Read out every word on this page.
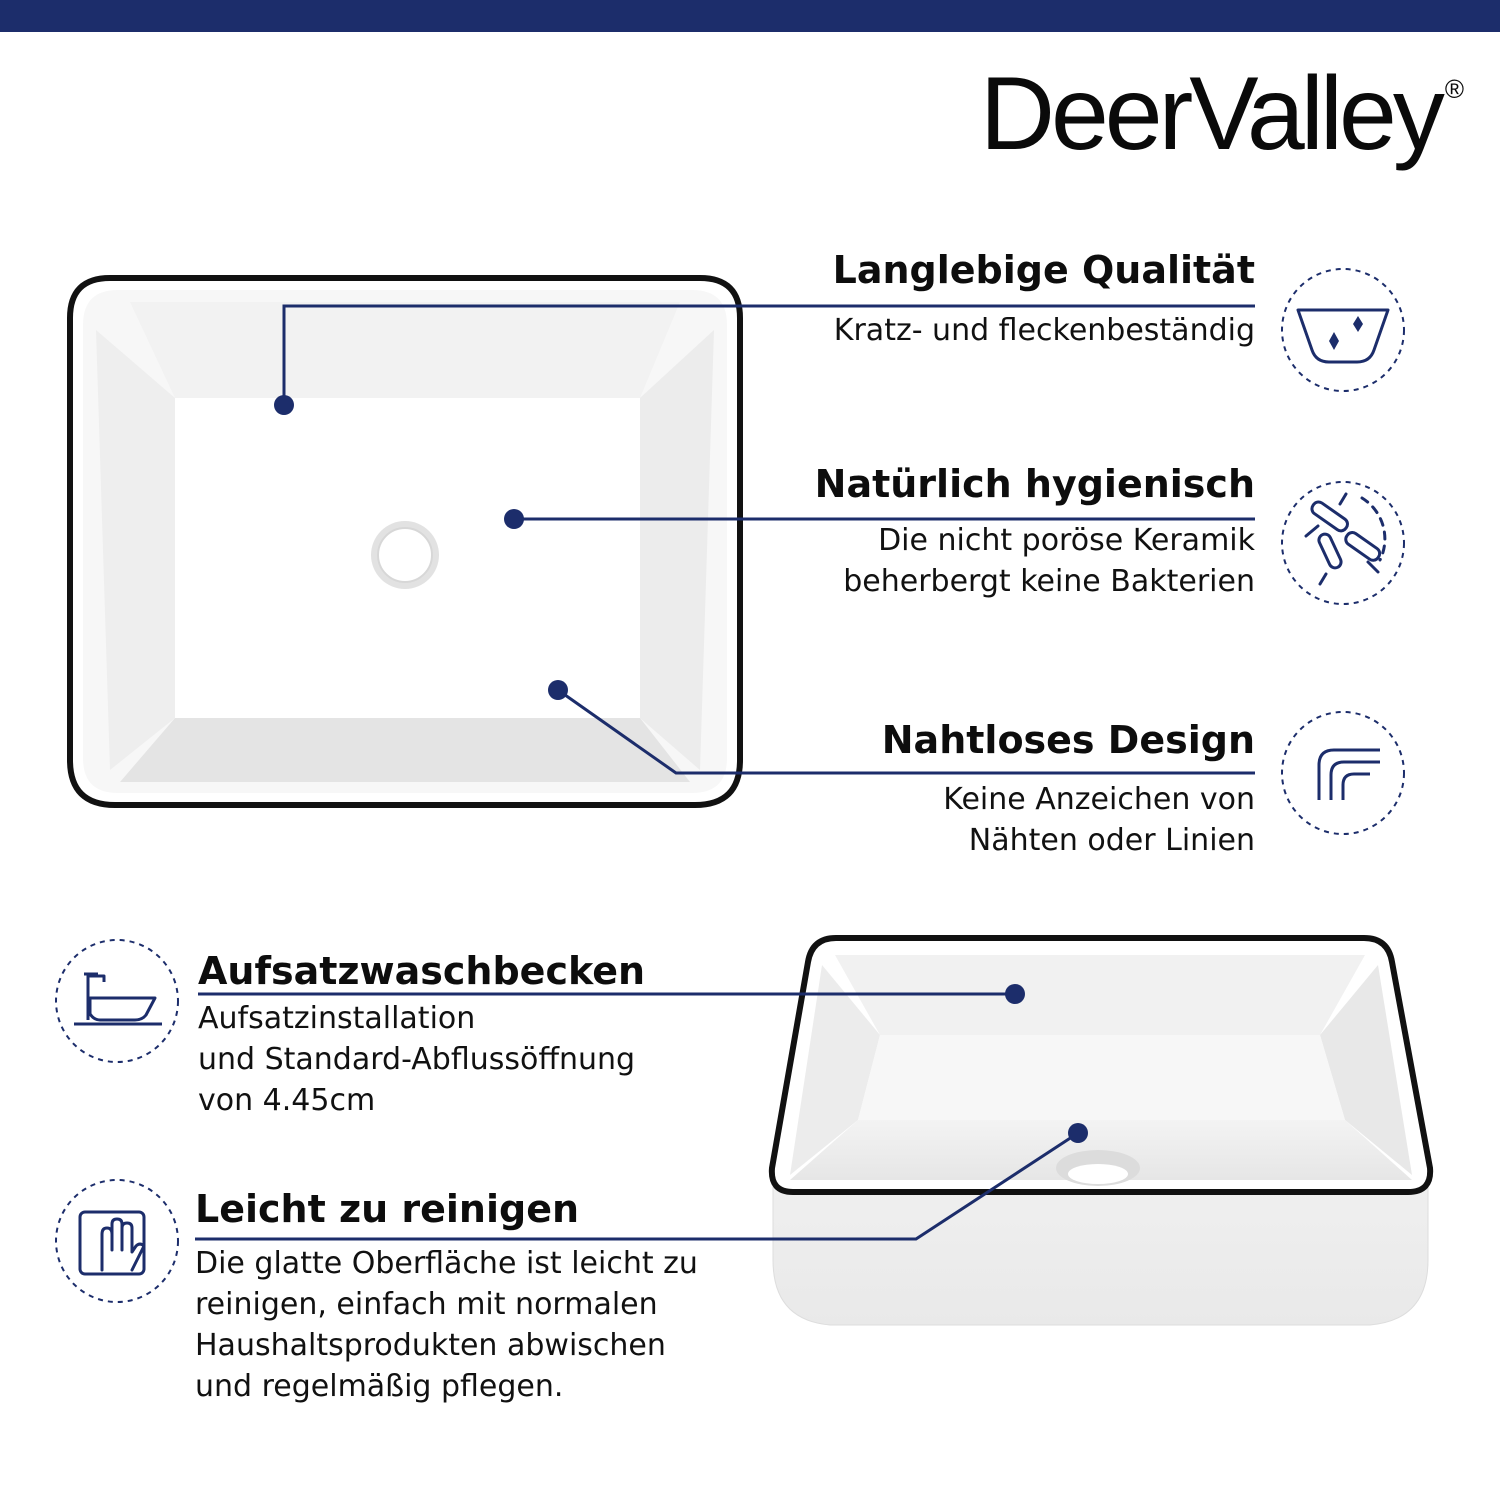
DeerValley ®
Langlebige Qualität
Kratz- und fleckenbeständig
Natürlich hygienisch
Die nicht poröse Keramik
beherbergt keine Bakterien
Nahtloses Design
Keine Anzeichen von
Nähten oder Linien
Aufsatzwaschbecken
Aufsatzinstallation
und Standard-Abflussöffnung
von 4.45cm
Leicht zu reinigen
Die glatte Oberfläche ist leicht zu
reinigen, einfach mit normalen
Haushaltsprodukten abwischen
und regelmäßig pflegen.
